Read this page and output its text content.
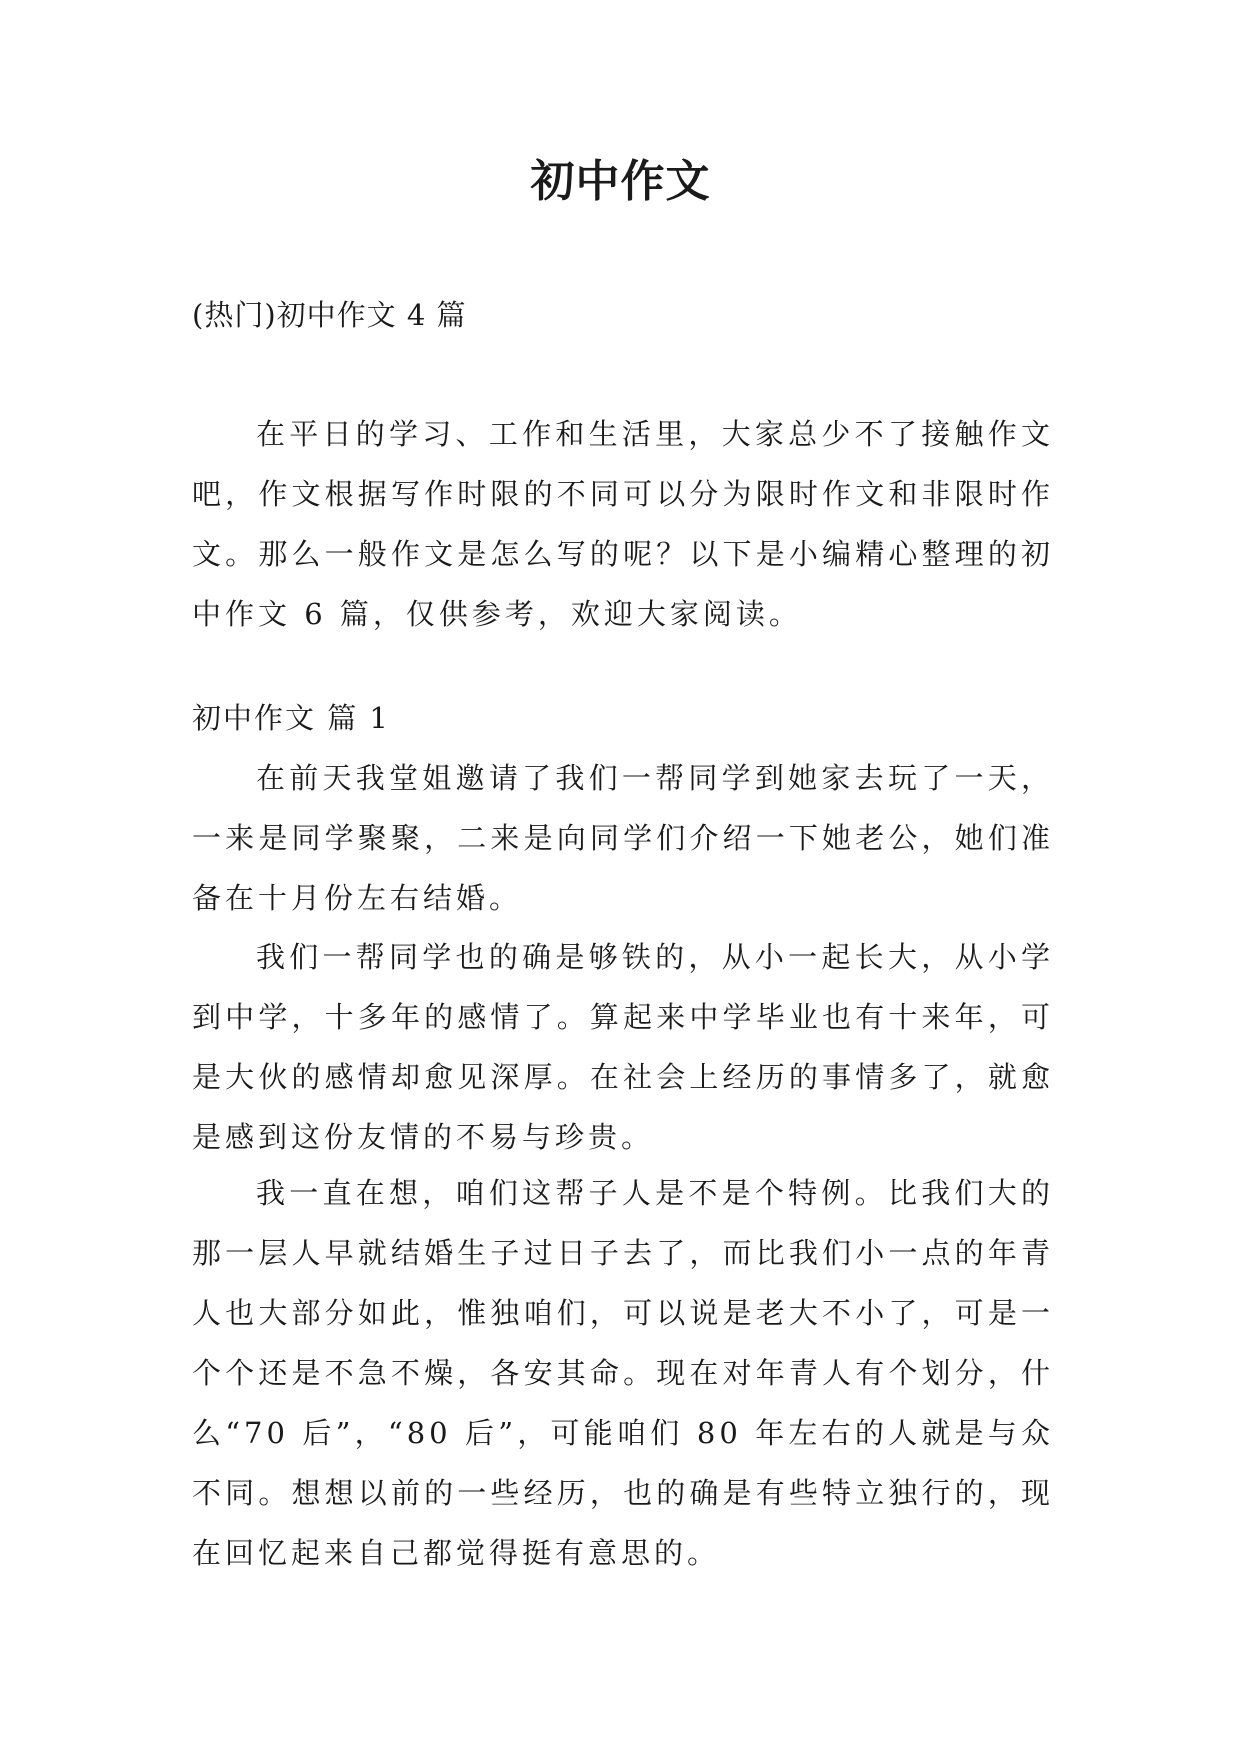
初中作文
(热门)初中作文 4 篇

在平日的学习、工作和生活里，大家总少不了接触作文吧，作文根据写作时限的不同可以分为限时作文和非限时作文。那么一般作文是怎么写的呢？以下是小编精心整理的初中作文 6 篇，仅供参考，欢迎大家阅读。

初中作文 篇 1

在前天我堂姐邀请了我们一帮同学到她家去玩了一天，一来是同学聚聚，二来是向同学们介绍一下她老公，她们准备在十月份左右结婚。

我们一帮同学也的确是够铁的，从小一起长大，从小学到中学，十多年的感情了。算起来中学毕业也有十来年，可是大伙的感情却愈见深厚。在社会上经历的事情多了，就愈是感到这份友情的不易与珍贵。

我一直在想，咱们这帮子人是不是个特例。比我们大的那一层人早就结婚生子过日子去了，而比我们小一点的年青人也大部分如此，惟独咱们，可以说是老大不小了，可是一个个还是不急不燥，各安其命。现在对年青人有个划分，什么“70 后”，“80 后”，可能咱们 80 年左右的人就是与众不同。想想以前的一些经历，也的确是有些特立独行的，现在回忆起来自己都觉得挺有意思的。
